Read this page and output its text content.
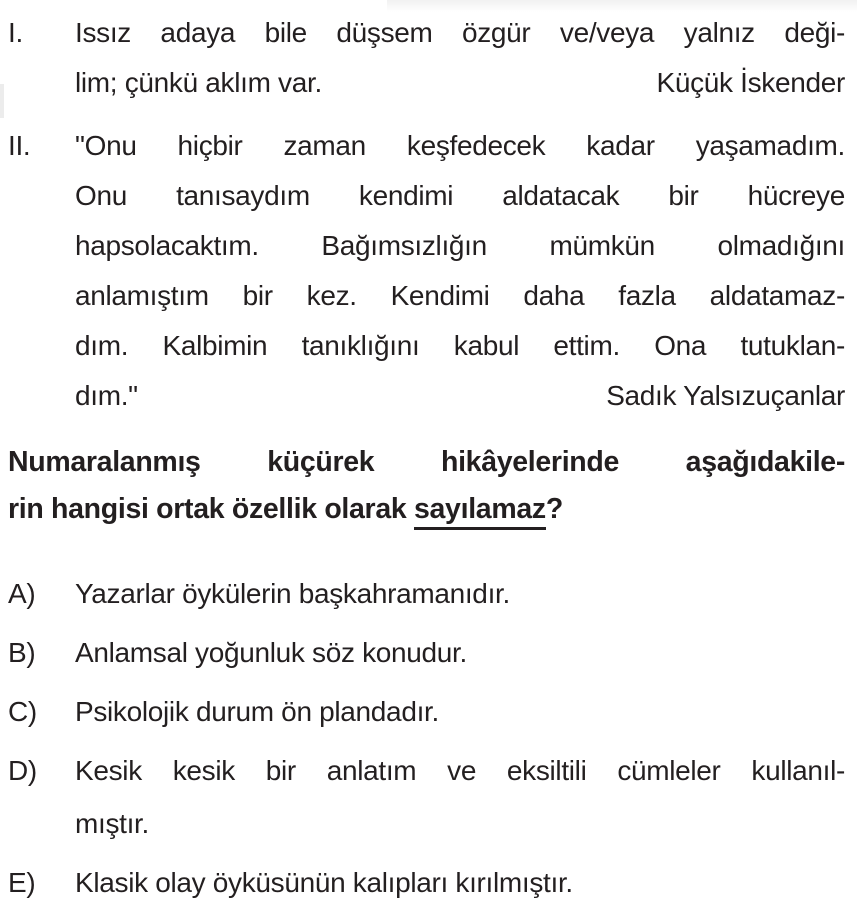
I.	Issız adaya bile düşsem özgür ve/veya yalnız deği-
lim; çünkü aklım var.	Küçük İskender
II.	"Onu hiçbir zaman keşfedecek kadar yaşamadım.
Onu tanısaydım kendimi aldatacak bir hücreye
hapsolacaktım. Bağımsızlığın mümkün olmadığını
anlamıştım bir kez. Kendimi daha fazla aldatamaz-
dım. Kalbimin tanıklığını kabul ettim. Ona tutuklan-
dım."	Sadık Yalsızuçanlar
Numaralanmış küçürek hikâyelerinde aşağıdakile-
rin hangisi ortak özellik olarak sayılamaz?
A)	Yazarlar öykülerin başkahramanıdır.
B)	Anlamsal yoğunluk söz konudur.
C)	Psikolojik durum ön plandadır.
D)	Kesik kesik bir anlatım ve eksiltili cümleler kullanıl-
mıştır.
E)	Klasik olay öyküsünün kalıpları kırılmıştır.
